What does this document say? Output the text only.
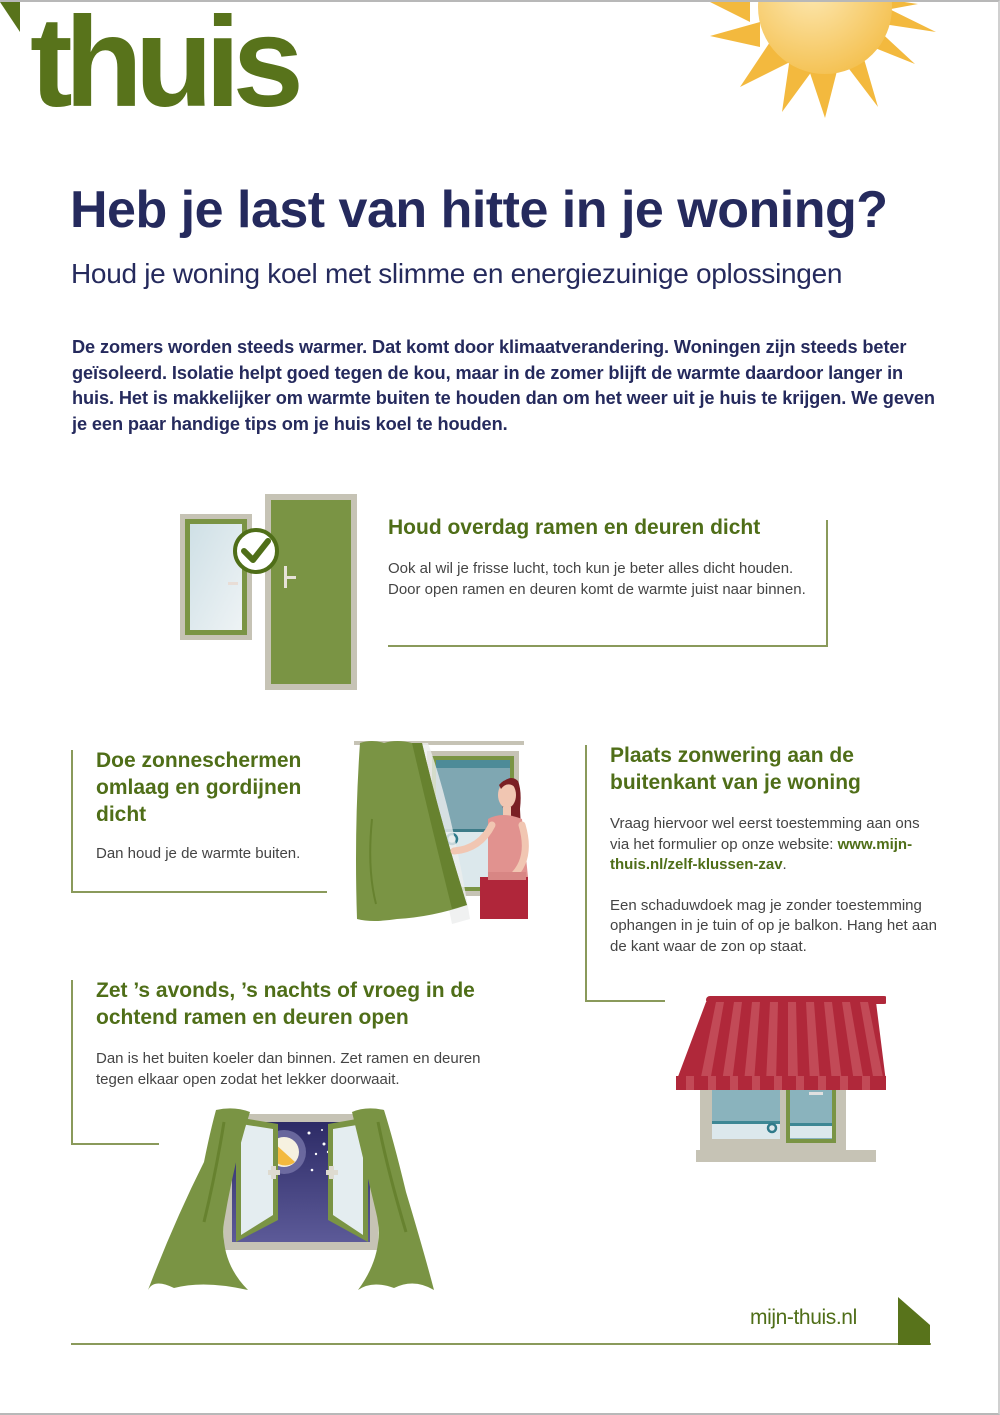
thuis
Heb je last van hitte in je woning?
Houd je woning koel met slimme en energiezuinige oplossingen
De zomers worden steeds warmer. Dat komt door klimaatverandering. Woningen zijn steeds beter geïsoleerd. Isolatie helpt goed tegen de kou, maar in de zomer blijft de warmte daardoor langer in huis. Het is makkelijker om warmte buiten te houden dan om het weer uit je huis te krijgen. We geven je een paar handige tips om je huis koel te houden.
Houd overdag ramen en deuren dicht
Ook al wil je frisse lucht, toch kun je beter alles dicht houden. Door open ramen en deuren komt de warmte juist naar binnen.
Doe zonneschermen omlaag en gordijnen dicht
Dan houd je de warmte buiten.
Plaats zonwering aan de buitenkant van je woning
Vraag hiervoor wel eerst toestemming aan ons via het formulier op onze website: www.mijn-thuis.nl/zelf-klussen-zav.
Een schaduwdoek mag je zonder toestemming ophangen in je tuin of op je balkon. Hang het aan de kant waar de zon op staat.
Zet ’s avonds, ’s nachts of vroeg in de ochtend ramen en deuren open
Dan is het buiten koeler dan binnen. Zet ramen en deuren tegen elkaar open zodat het lekker doorwaait.
mijn-thuis.nl
